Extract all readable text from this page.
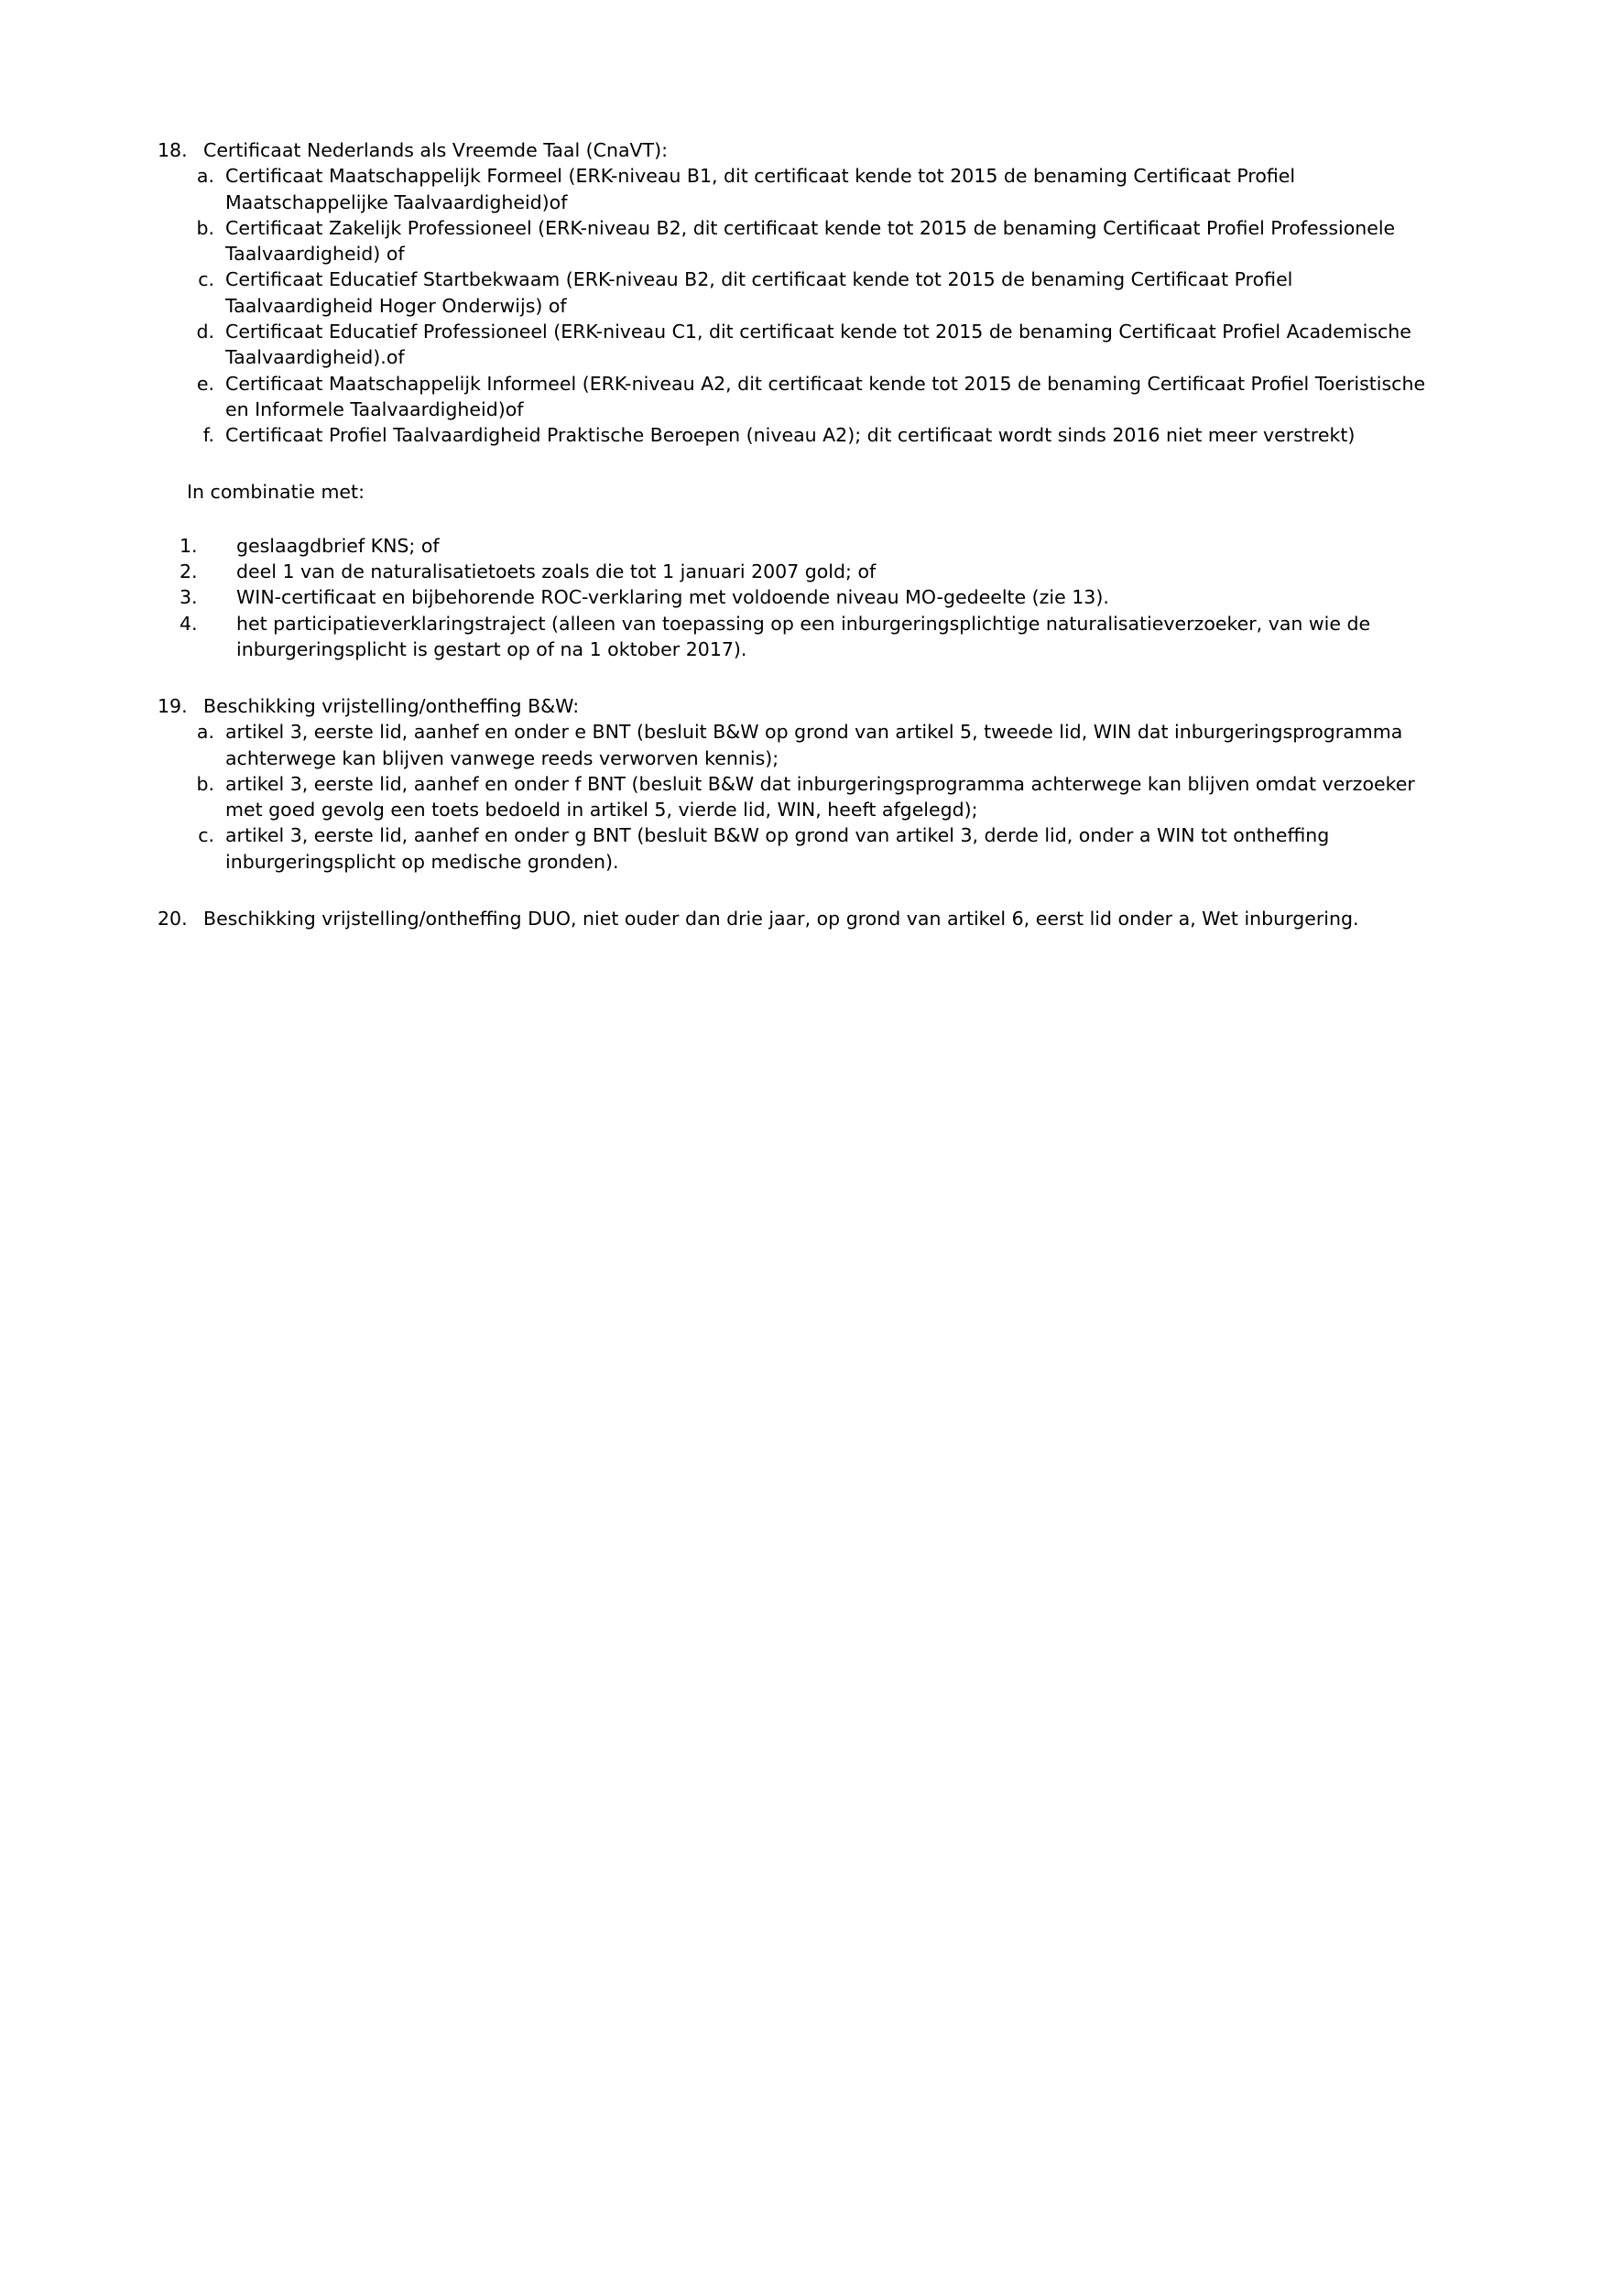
18. Certificaat Nederlands als Vreemde Taal (CnaVT):
a. Certificaat Maatschappelijk Formeel (ERK-niveau B1, dit certificaat kende tot 2015 de benaming Certificaat Profiel Maatschappelijke Taalvaardigheid)of
b. Certificaat Zakelijk Professioneel (ERK-niveau B2, dit certificaat kende tot 2015 de benaming Certificaat Profiel Professionele Taalvaardigheid) of
c. Certificaat Educatief Startbekwaam (ERK-niveau B2, dit certificaat kende tot 2015 de benaming Certificaat Profiel Taalvaardigheid Hoger Onderwijs) of
d. Certificaat Educatief Professioneel (ERK-niveau C1, dit certificaat kende tot 2015 de benaming Certificaat Profiel Academische Taalvaardigheid).of
e. Certificaat Maatschappelijk Informeel (ERK-niveau A2, dit certificaat kende tot 2015 de benaming Certificaat Profiel Toeristische en Informele Taalvaardigheid)of
f. Certificaat Profiel Taalvaardigheid Praktische Beroepen (niveau A2); dit certificaat wordt sinds 2016 niet meer verstrekt)
In combinatie met:
1.	geslaagdbrief KNS; of
2.	deel 1 van de naturalisatietoets zoals die tot 1 januari 2007 gold; of
3.	WIN-certificaat en bijbehorende ROC-verklaring met voldoende niveau MO-gedeelte (zie 13).
4.	het participatieverklaringstraject (alleen van toepassing op een inburgeringsplichtige naturalisatieverzoeker, van wie de inburgeringsplicht is gestart op of na 1 oktober 2017).
19. Beschikking vrijstelling/ontheffing B&W:
a. artikel 3, eerste lid, aanhef en onder e BNT (besluit B&W op grond van artikel 5, tweede lid, WIN dat inburgeringsprogramma achterwege kan blijven vanwege reeds verworven kennis);
b. artikel 3, eerste lid, aanhef en onder f BNT (besluit B&W dat inburgeringsprogramma achterwege kan blijven omdat verzoeker met goed gevolg een toets bedoeld in artikel 5, vierde lid, WIN, heeft afgelegd);
c. artikel 3, eerste lid, aanhef en onder g BNT (besluit B&W op grond van artikel 3, derde lid, onder a WIN tot ontheffing inburgeringsplicht op medische gronden).
20. Beschikking vrijstelling/ontheffing DUO, niet ouder dan drie jaar, op grond van artikel 6, eerst lid onder a, Wet inburgering.
